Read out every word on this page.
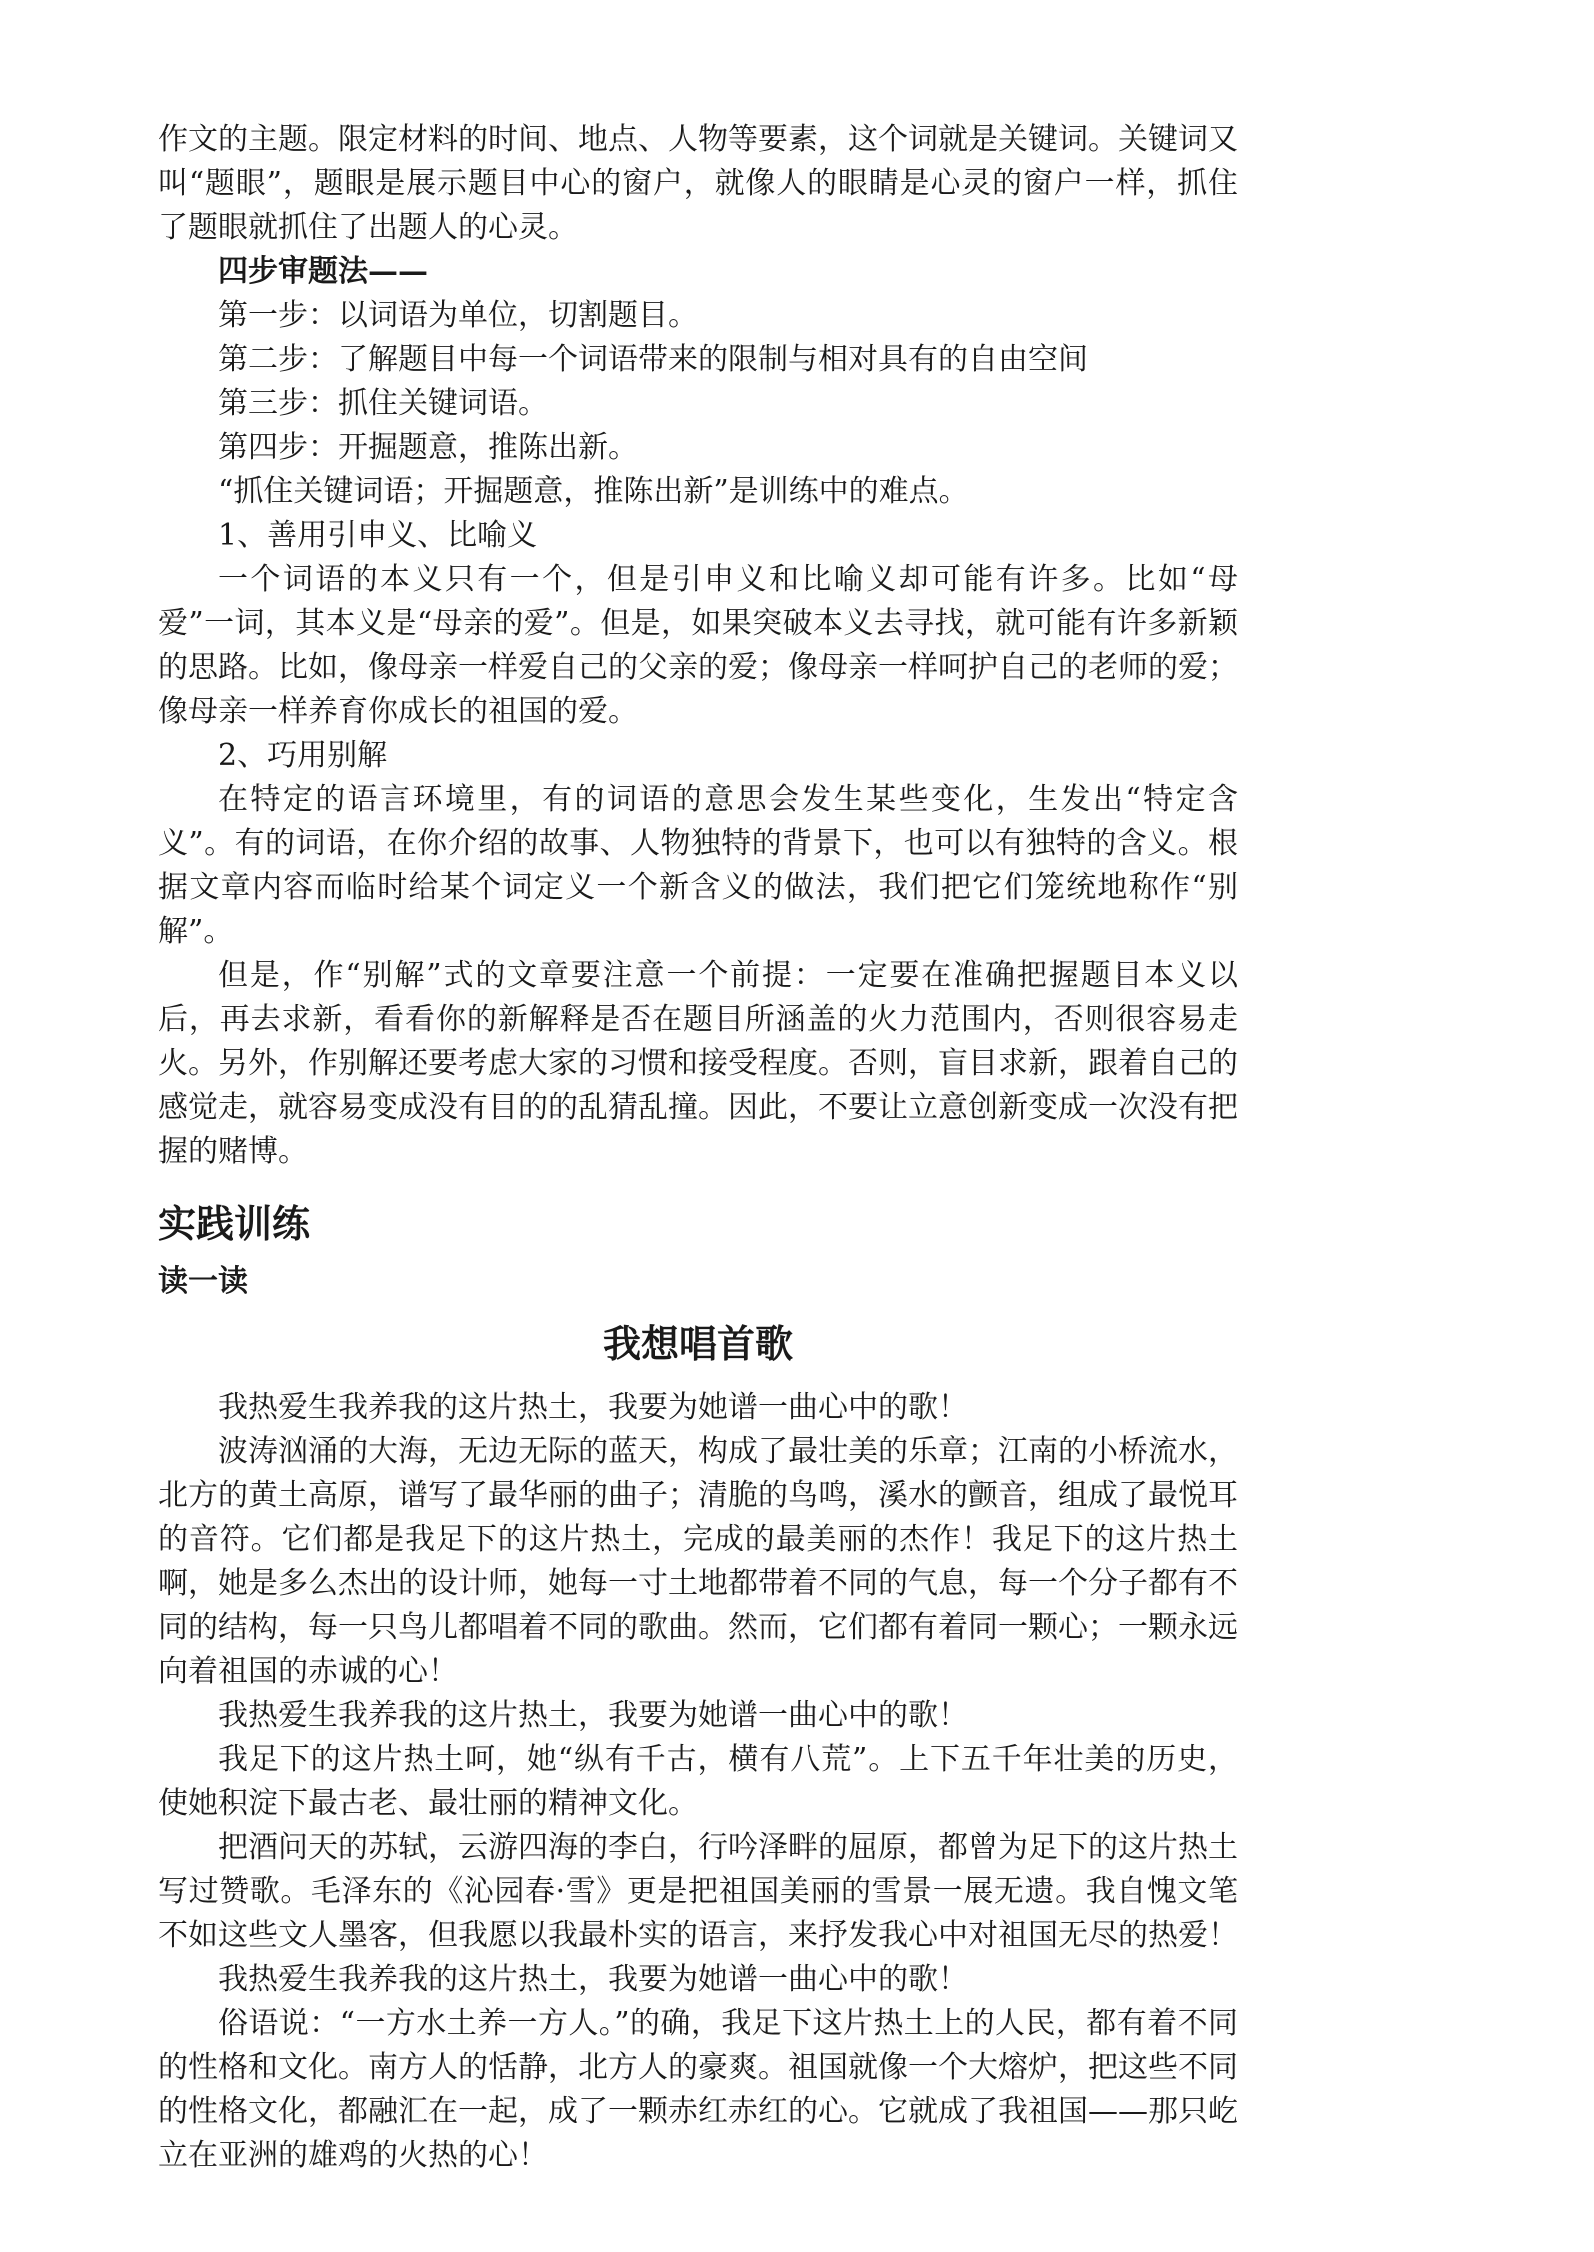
作文的主题。限定材料的时间、地点、人物等要素，这个词就是关键词。关键词又叫“题眼”，题眼是展示题目中心的窗户，就像人的眼睛是心灵的窗户一样，抓住了题眼就抓住了出题人的心灵。

四步审题法——

第一步：以词语为单位，切割题目。

第二步：了解题目中每一个词语带来的限制与相对具有的自由空间

第三步：抓住关键词语。

第四步：开掘题意，推陈出新。

“抓住关键词语；开掘题意，推陈出新”是训练中的难点。

1、善用引申义、比喻义

一个词语的本义只有一个，但是引申义和比喻义却可能有许多。比如“母爱”一词，其本义是“母亲的爱”。但是，如果突破本义去寻找，就可能有许多新颖的思路。比如，像母亲一样爱自己的父亲的爱；像母亲一样呵护自己的老师的爱；像母亲一样养育你成长的祖国的爱。

2、巧用别解

在特定的语言环境里，有的词语的意思会发生某些变化，生发出“特定含义”。有的词语，在你介绍的故事、人物独特的背景下，也可以有独特的含义。根据文章内容而临时给某个词定义一个新含义的做法，我们把它们笼统地称作“别解”。

但是，作“别解”式的文章要注意一个前提：一定要在准确把握题目本义以后，再去求新，看看你的新解释是否在题目所涵盖的火力范围内，否则很容易走火。另外，作别解还要考虑大家的习惯和接受程度。否则，盲目求新，跟着自己的感觉走，就容易变成没有目的的乱猜乱撞。因此，不要让立意创新变成一次没有把握的赌博。

实践训练
读一读
我想唱首歌

我热爱生我养我的这片热土，我要为她谱一曲心中的歌！

波涛汹涌的大海，无边无际的蓝天，构成了最壮美的乐章；江南的小桥流水，北方的黄土高原，谱写了最华丽的曲子；清脆的鸟鸣，溪水的颤音，组成了最悦耳的音符。它们都是我足下的这片热土，完成的最美丽的杰作！我足下的这片热土啊，她是多么杰出的设计师，她每一寸土地都带着不同的气息，每一个分子都有不同的结构，每一只鸟儿都唱着不同的歌曲。然而，它们都有着同一颗心；一颗永远向着祖国的赤诚的心！

我热爱生我养我的这片热土，我要为她谱一曲心中的歌！

我足下的这片热土呵，她“纵有千古，横有八荒”。上下五千年壮美的历史，使她积淀下最古老、最壮丽的精神文化。

把酒问天的苏轼，云游四海的李白，行吟泽畔的屈原，都曾为足下的这片热土写过赞歌。毛泽东的《沁园春·雪》更是把祖国美丽的雪景一展无遗。我自愧文笔不如这些文人墨客，但我愿以我最朴实的语言，来抒发我心中对祖国无尽的热爱！

我热爱生我养我的这片热土，我要为她谱一曲心中的歌！

俗语说：“一方水土养一方人。”的确，我足下这片热土上的人民，都有着不同的性格和文化。南方人的恬静，北方人的豪爽。祖国就像一个大熔炉，把这些不同的性格文化，都融汇在一起，成了一颗赤红赤红的心。它就成了我祖国——那只屹立在亚洲的雄鸡的火热的心！
